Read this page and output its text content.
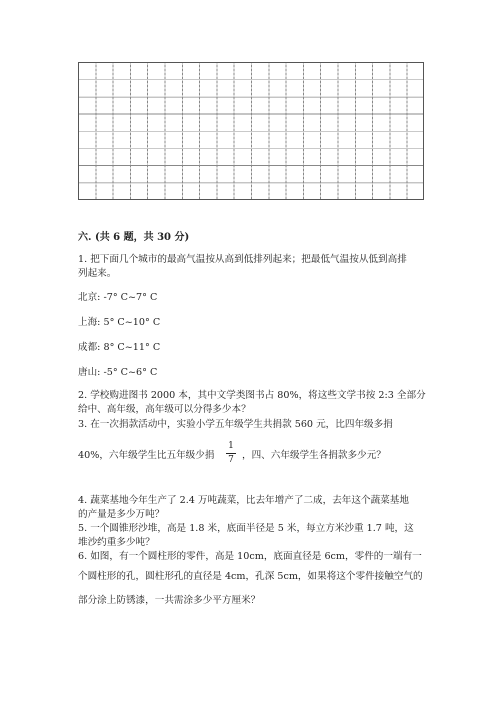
六. (共 6 题，共 30 分)
1. 把下面几个城市的最高气温按从高到低排列起来；把最低气温按从低到高排
列起来。
北京: -7° C~7° C
上海: 5° C~10° C
成都: 8° C~11° C
唐山: -5° C~6° C
2. 学校购进图书 2000 本，其中文学类图书占 80%，将这些文学书按 2:3 全部分
给中、高年级，高年级可以分得多少本？
3. 在一次捐款活动中，实验小学五年级学生共捐款 560 元，比四年级多捐
40%，六年级学生比五年级少捐
1
7 ，四、六年级学生各捐款多少元？
4. 蔬菜基地今年生产了 2.4 万吨蔬菜，比去年增产了二成，去年这个蔬菜基地
的产量是多少万吨？
5. 一个圆锥形沙堆，高是 1.8 米，底面半径是 5 米，每立方米沙重 1.7 吨，这
堆沙约重多少吨？
6. 如图，有一个圆柱形的零件，高是 10cm，底面直径是 6cm，零件的一端有一
个圆柱形的孔，圆柱形孔的直径是 4cm，孔深 5cm，如果将这个零件接触空气的
部分涂上防锈漆，一共需涂多少平方厘米？
